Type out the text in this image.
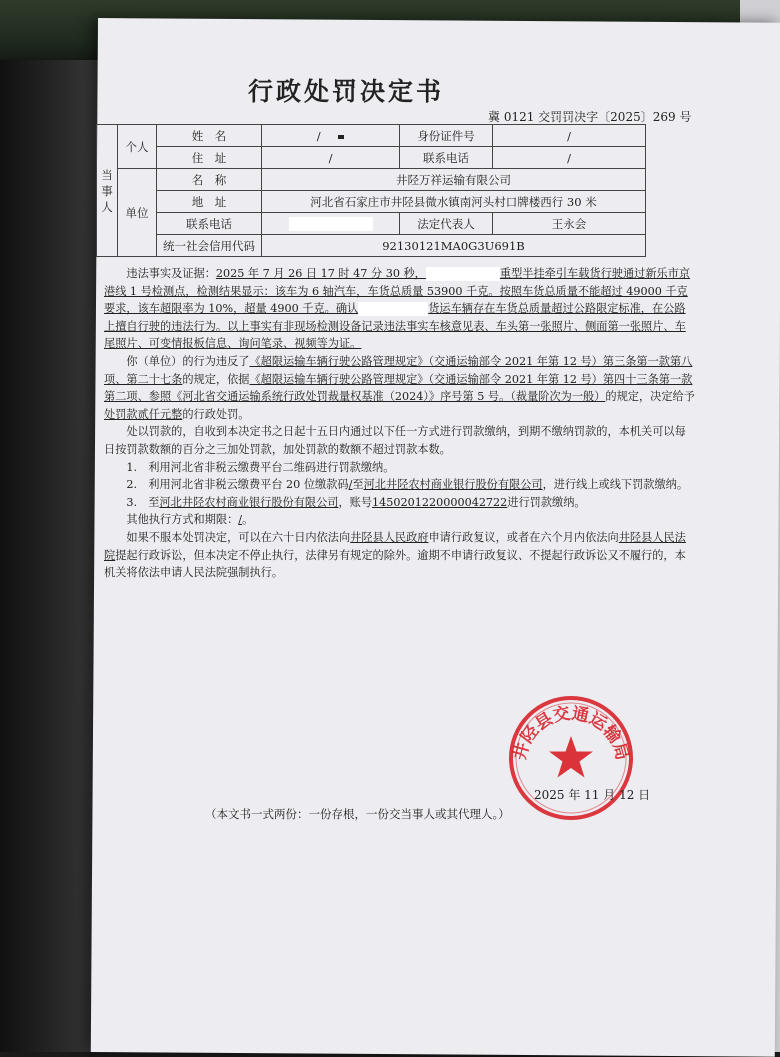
行政处罚决定书
冀 0121 交罚罚决字〔2025〕269 号
当事人	个人	姓　名	/	身份证件号	/
		住　址	/	联系电话	/
	单位	名　称	井陉万祥运输有限公司		
		地　址	河北省石家庄市井陉县微水镇南河头村口牌楼西行 30 米		
		联系电话		法定代表人	王永会
		统一社会信用代码	92130121MA0G3U691B		

违法事实及证据：2025 年 7 月 26 日 17 时 47 分 30 秒，	重型半挂牵引车载货行驶通过新乐市京港线 1 号检测点，检测结果显示：该车为 6 轴汽车，车货总质量 53900 千克。按照车货总质量不能超过 49000 千克要求，该车超限率为 10%，超量 4900 千克。确认	货运车辆存在车货总质量超过公路限定标准，在公路上擅自行驶的违法行为。以上事实有非现场检测设备记录违法事实车核意见表、车头第一张照片、侧面第一张照片、车尾照片、可变情报板信息、询问笔录、视频等为证。

你（单位）的行为违反了《超限运输车辆行驶公路管理规定》（交通运输部令 2021 年第 12 号）第三条第一款第八项、第二十七条的规定，依据《超限运输车辆行驶公路管理规定》（交通运输部令 2021 年第 12 号）第四十三条第一款第二项、参照《河北省交通运输系统行政处罚裁量权基准（2024）》序号第 5 号。（裁量阶次为一般）的规定，决定给予处罚款贰仟元整的行政处罚。

处以罚款的，自收到本决定书之日起十五日内通过以下任一方式进行罚款缴纳，到期不缴纳罚款的，本机关可以每日按罚款数额的百分之三加处罚款，加处罚款的数额不超过罚款本数。

1.　利用河北省非税云缴费平台二维码进行罚款缴纳。

2.　利用河北省非税云缴费平台 20 位缴款码/至河北井陉农村商业银行股份有限公司，进行线上或线下罚款缴纳。

3.　至河北井陉农村商业银行股份有限公司，账号1450201220000042722进行罚款缴纳。

其他执行方式和期限：/。

如果不服本处罚决定，可以在六十日内依法向井陉县人民政府申请行政复议，或者在六个月内依法向井陉县人民法院提起行政诉讼，但本决定不停止执行，法律另有规定的除外。逾期不申请行政复议、不提起行政诉讼又不履行的，本机关将依法申请人民法院强制执行。

井陉县交通运输局
2025 年 11 月 12 日
（本文书一式两份：一份存根，一份交当事人或其代理人。）
